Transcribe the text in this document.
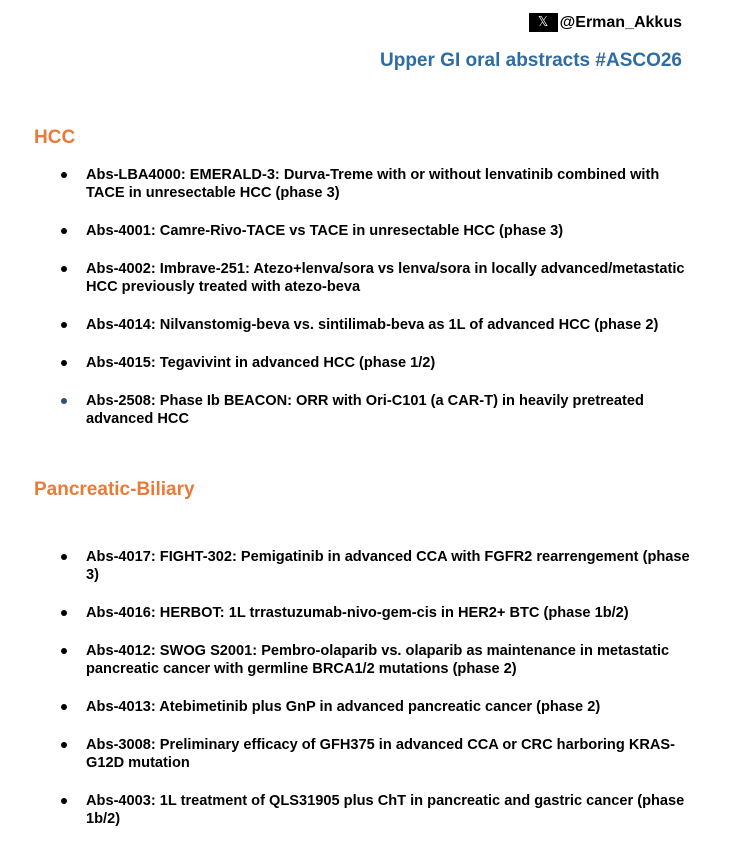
𝕏 @Erman_Akkus
Upper GI oral abstracts #ASCO26
HCC
Abs-LBA4000: EMERALD-3: Durva-Treme with or without lenvatinib combined with TACE in unresectable HCC (phase 3)
Abs-4001: Camre-Rivo-TACE vs TACE in unresectable HCC (phase 3)
Abs-4002: Imbrave-251: Atezo+lenva/sora vs lenva/sora in locally advanced/metastatic HCC previously treated with atezo-beva
Abs-4014: Nilvanstomig-beva vs. sintilimab-beva as 1L of advanced HCC (phase 2)
Abs-4015: Tegavivint in advanced HCC (phase 1/2)
Abs-2508: Phase Ib BEACON: ORR with Ori-C101 (a CAR-T) in heavily pretreated advanced HCC
Pancreatic-Biliary
Abs-4017: FIGHT-302: Pemigatinib in advanced CCA with FGFR2 rearrengement (phase 3)
Abs-4016: HERBOT: 1L trrastuzumab-nivo-gem-cis in HER2+ BTC (phase 1b/2)
Abs-4012: SWOG S2001: Pembro-olaparib vs. olaparib as maintenance in metastatic pancreatic cancer with germline BRCA1/2 mutations (phase 2)
Abs-4013: Atebimetinib plus GnP in advanced pancreatic cancer (phase 2)
Abs-3008: Preliminary efficacy of GFH375 in advanced CCA or CRC harboring KRAS-G12D mutation
Abs-4003: 1L treatment of QLS31905 plus ChT in pancreatic and gastric cancer (phase 1b/2)
